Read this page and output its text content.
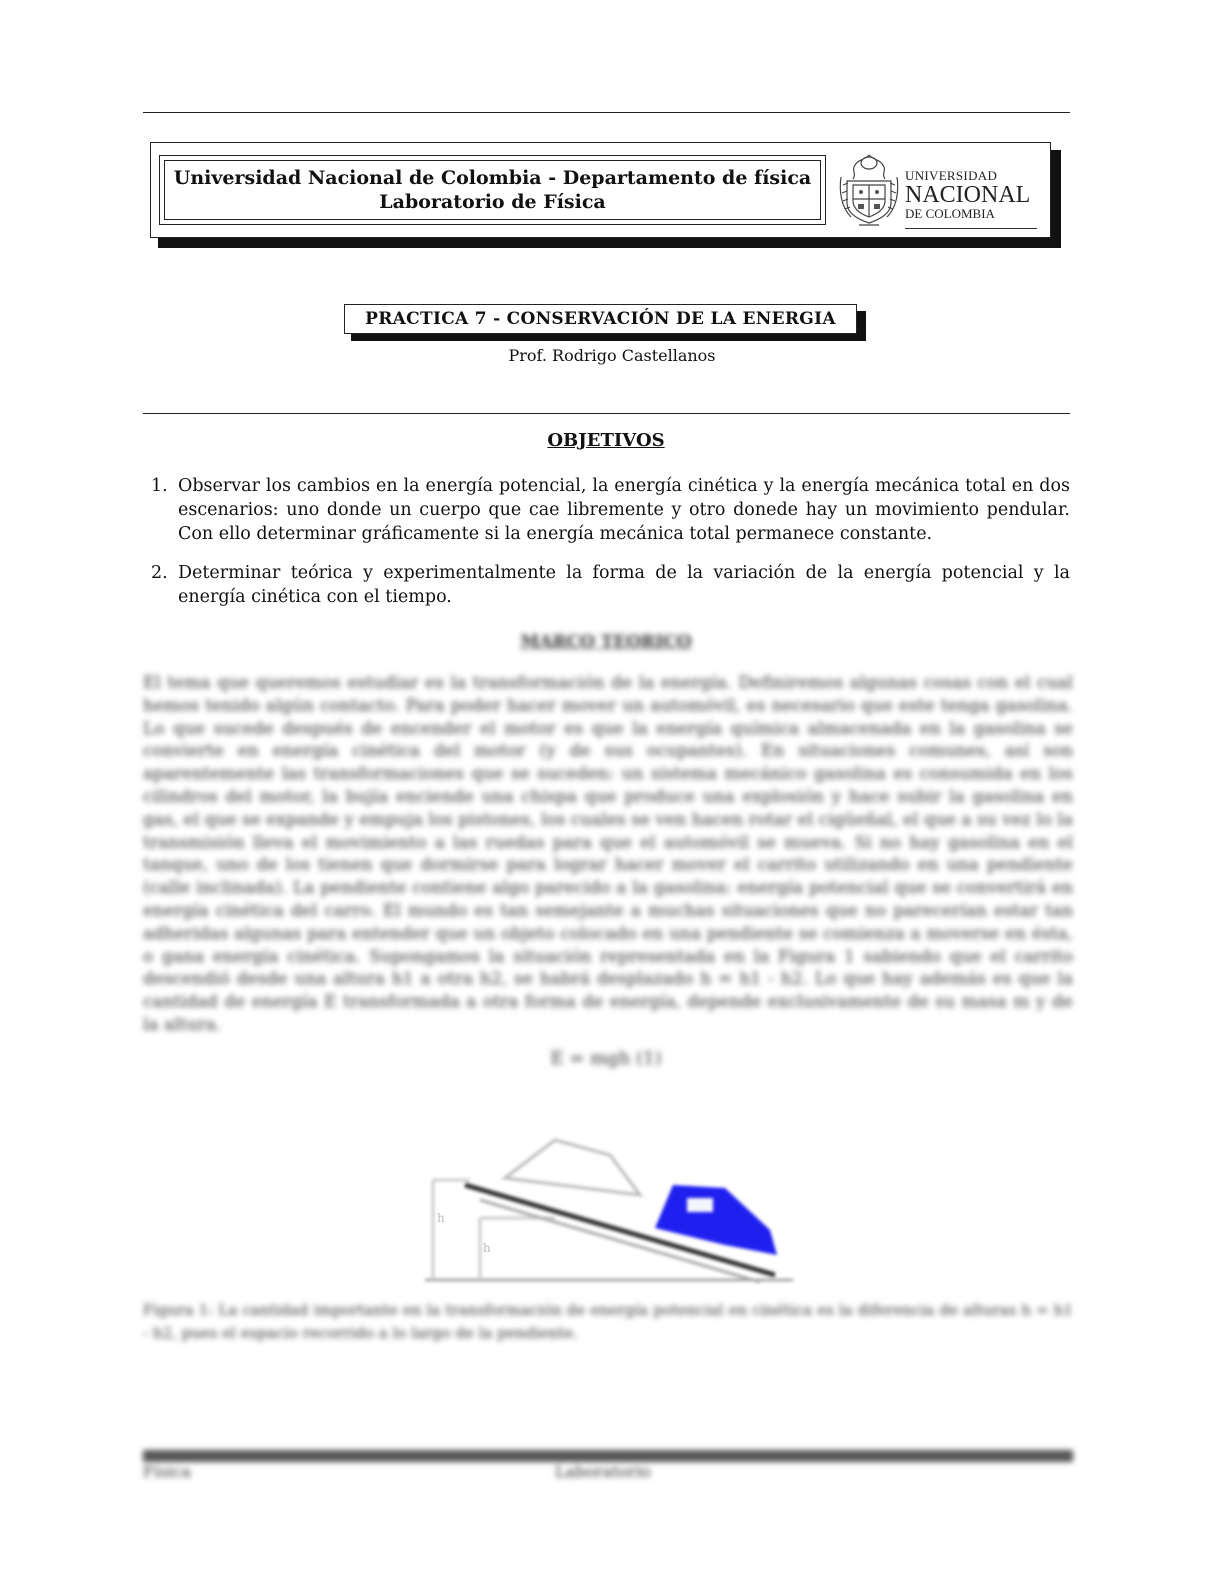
Universidad Nacional de Colombia - Departamento de física
Laboratorio de Física
UNIVERSIDAD
NACIONAL
DE COLOMBIA
PRACTICA 7 - CONSERVACIÓN DE LA ENERGIA
Prof. Rodrigo Castellanos
OBJETIVOS
1. Observar los cambios en la energía potencial, la energía cinética y la energía mecánica total en dos escenarios: uno donde un cuerpo que cae libremente y otro donede hay un movimiento pendular. Con ello determinar gráficamente si la energía mecánica total permanece constante.
2. Determinar teórica y experimentalmente la forma de la variación de la energía potencial y la energía cinética con el tiempo.
MARCO TEORICO
El tema que queremos estudiar es la transformación de la energía. Definiremos algunas cosas con el cual hemos tenido algún contacto. Para poder hacer mover un automóvil, es necesario que este tenga gasolina. Lo que sucede después de encender el motor es que la energía química almacenada en la gasolina se convierte en energía cinética del motor (y de sus ocupantes). En situaciones comunes, así son aparentemente las transformaciones que se suceden: un sistema mecánico gasolina es consumida en los cilindros del motor, la bujía enciende una chispa que produce una explosión y hace subir la gasolina en gas, el que se expande y empuja los pistones, los cuales se ven hacen rotar el cigüeñal, el que a su vez lo la transmisión lleva el movimiento a las ruedas para que el automóvil se mueva. Si no hay gasolina en el tanque, uno de los tienen que dormirse para lograr hacer mover el carrito utilizando en una pendiente (calle inclinada). La pendiente contiene algo parecido a la gasolina: energía potencial que se convertirá en energía cinética del carro. El mundo es tan semejante a muchas situaciones que no parecerían estar tan adheridas algunas para entender que un objeto colocado en una pendiente se comienza a moverse en ésta, o gana energía cinética. Supongamos la situación representada en la Figura 1 sabiendo que el carrito descendió desde una altura h1 a otra h2, se habrá desplazado h = h1 - h2. Lo que hay además es que la cantidad de energía E transformada a otra forma de energía, depende exclusivamente de su masa m y de la altura.
E = mgh (1)
h
h
Figura 1: La cantidad importante en la transformación de energía potencial en cinética es la diferencia de alturas h = h1 - h2, pues el espacio recorrido a lo largo de la pendiente.
Física	Laboratorio
